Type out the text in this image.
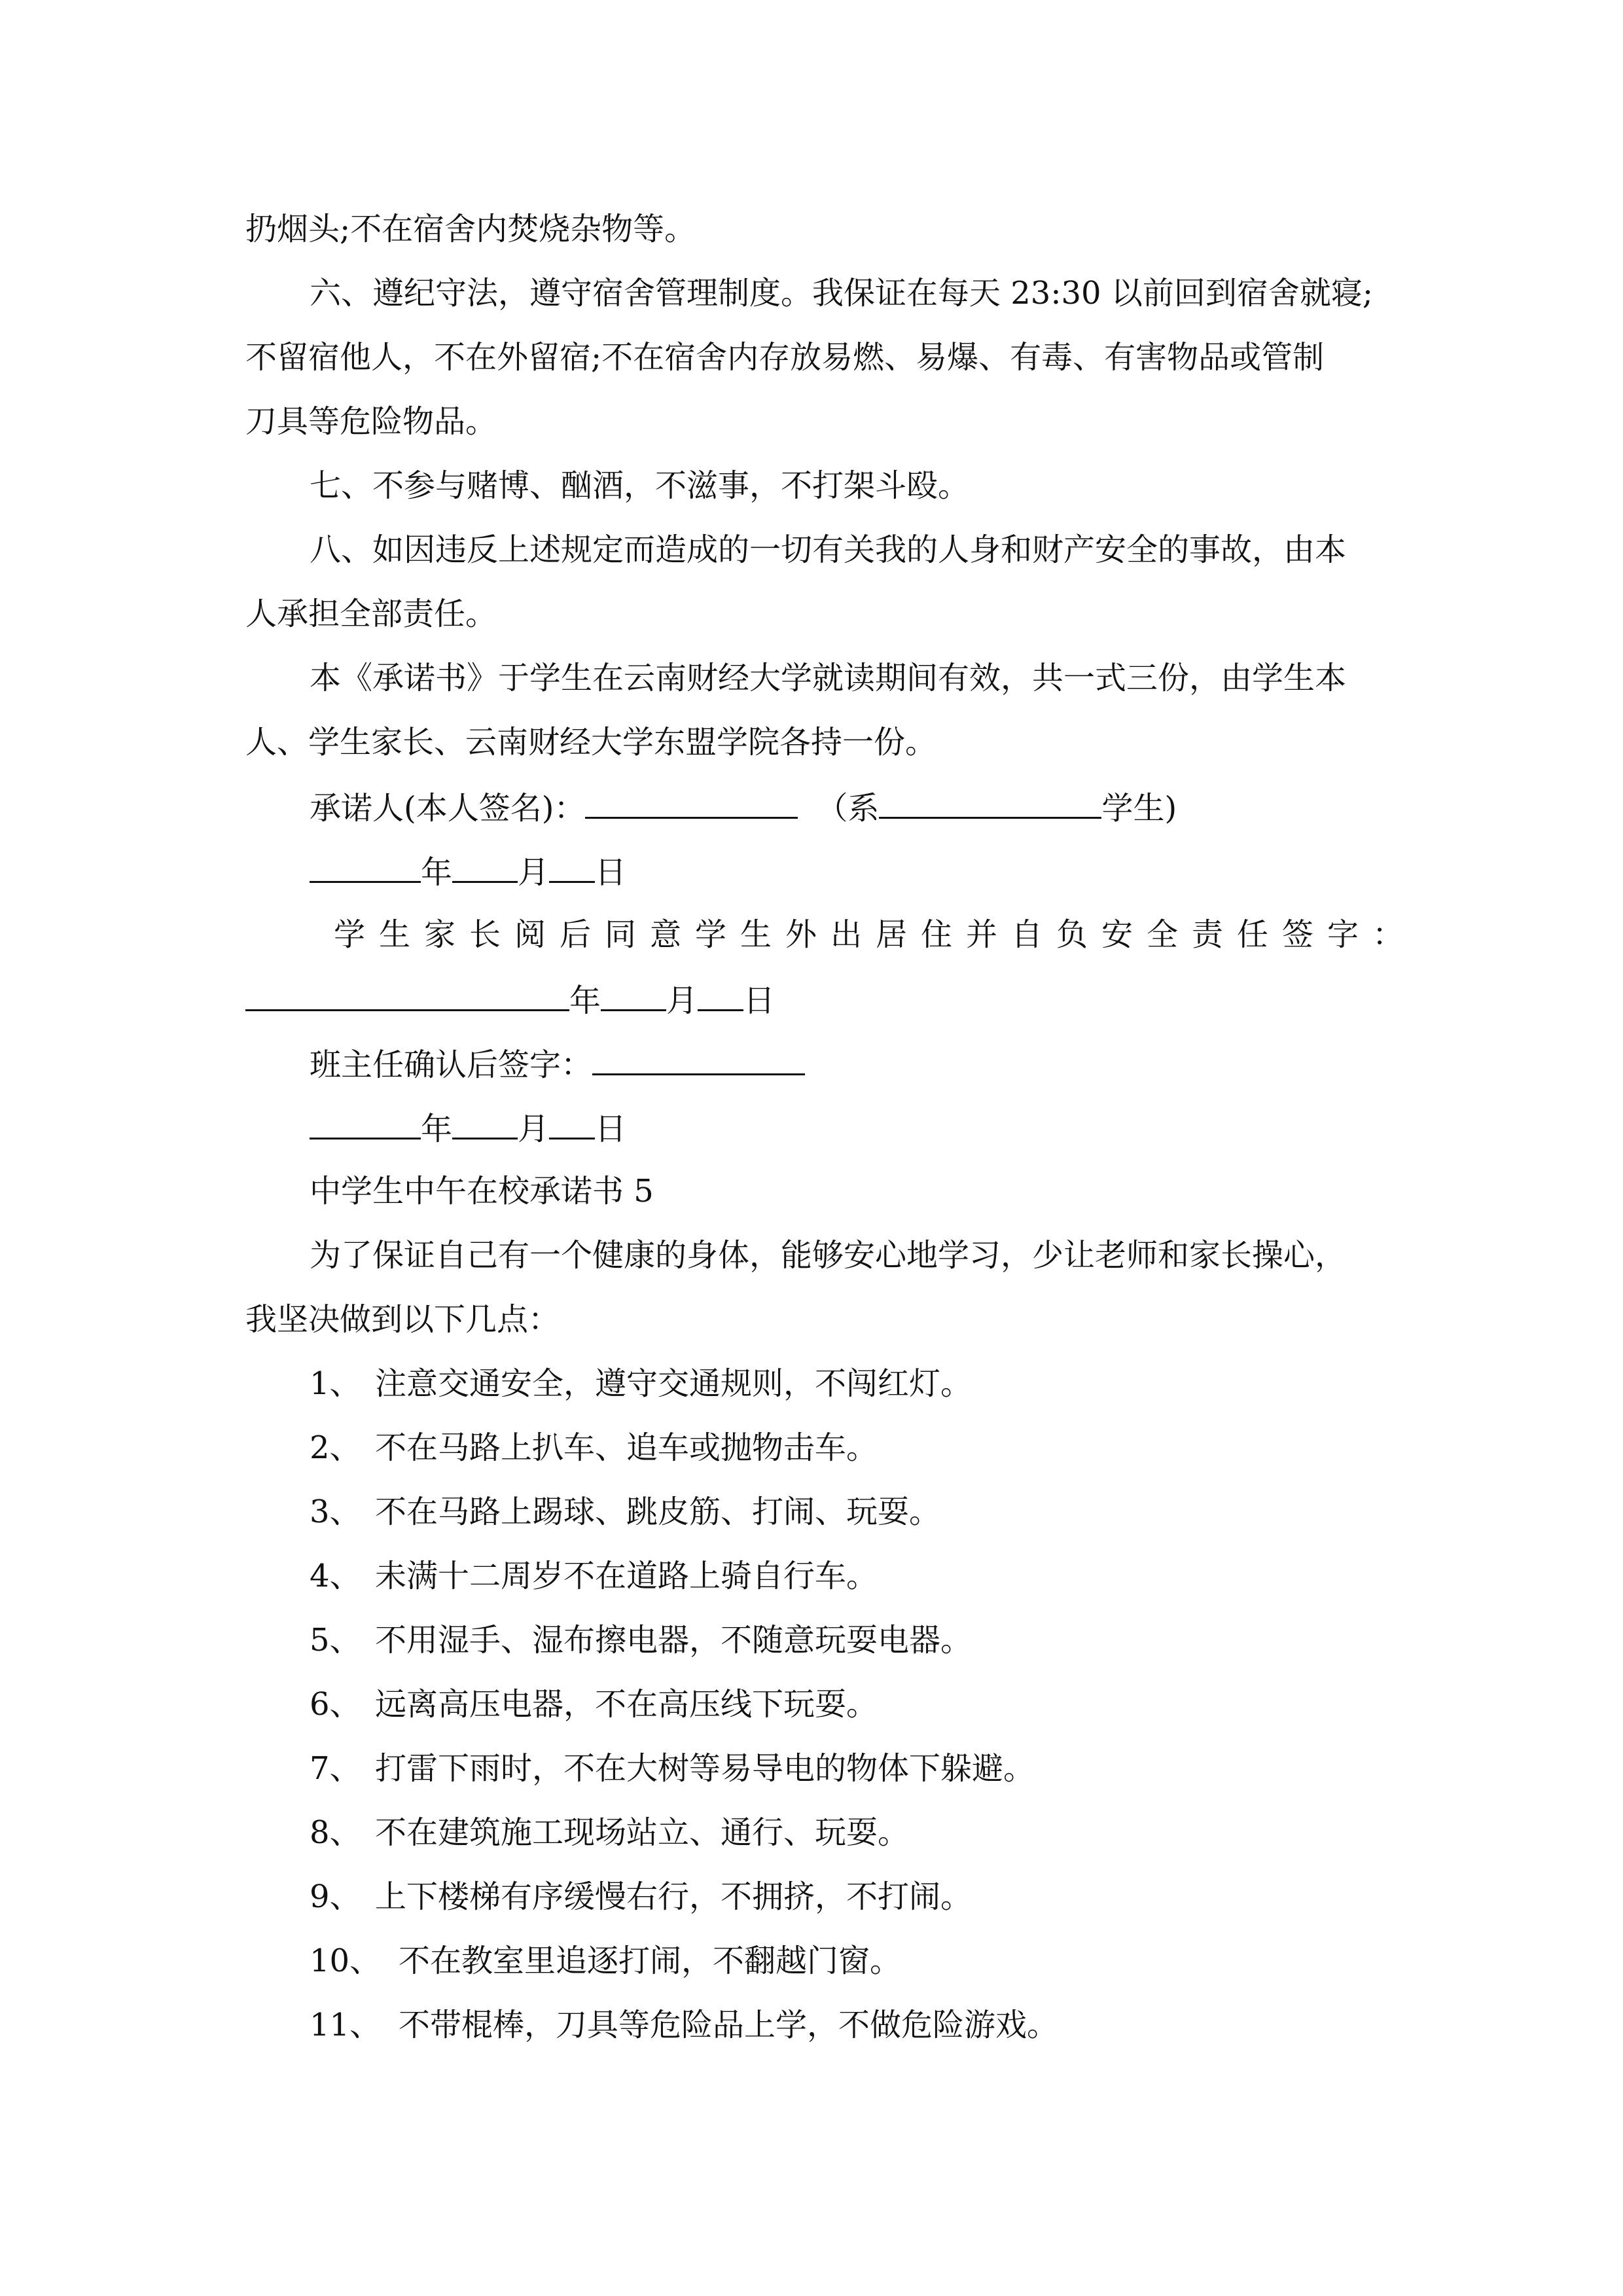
扔烟头;不在宿舍内焚烧杂物等。
六、遵纪守法，遵守宿舍管理制度。我保证在每天 23:30 以前回到宿舍就寝;
不留宿他人，不在外留宿;不在宿舍内存放易燃、易爆、有毒、有害物品或管制
刀具等危险物品。
七、不参与赌博、酗酒，不滋事，不打架斗殴。
八、如因违反上述规定而造成的一切有关我的人身和财产安全的事故，由本
人承担全部责任。
本《承诺书》于学生在云南财经大学就读期间有效，共一式三份，由学生本
人、学生家长、云南财经大学东盟学院各持一份。
承诺人(本人签名)：	（系	学生)
年 月 日
学生家长阅后同意学生外出居住并自负安全责任签字：
年 月 日
班主任确认后签字：
年 月 日
中学生中午在校承诺书 5
为了保证自己有一个健康的身体，能够安心地学习，少让老师和家长操心，
我坚决做到以下几点：
1、 注意交通安全，遵守交通规则，不闯红灯。
2、 不在马路上扒车、追车或抛物击车。
3、 不在马路上踢球、跳皮筋、打闹、玩耍。
4、 未满十二周岁不在道路上骑自行车。
5、 不用湿手、湿布擦电器，不随意玩耍电器。
6、 远离高压电器，不在高压线下玩耍。
7、 打雷下雨时，不在大树等易导电的物体下躲避。
8、 不在建筑施工现场站立、通行、玩耍。
9、 上下楼梯有序缓慢右行，不拥挤，不打闹。
10、 不在教室里追逐打闹，不翻越门窗。
11、 不带棍棒，刀具等危险品上学，不做危险游戏。
